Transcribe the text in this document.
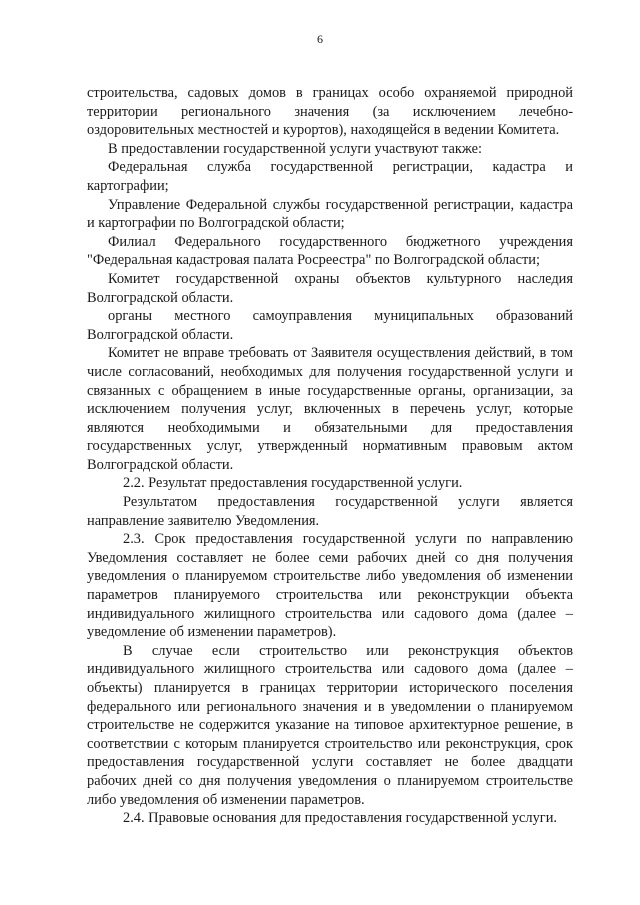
6

строительства, садовых домов в границах особо охраняемой природной территории регионального значения (за исключением лечебно-оздоровительных местностей и курортов), находящейся в ведении Комитета.

В предоставлении государственной услуги участвуют также:

Федеральная служба государственной регистрации, кадастра и картографии;

Управление Федеральной службы государственной регистрации, кадастра и картографии по Волгоградской области;

Филиал Федерального государственного бюджетного учреждения "Федеральная кадастровая палата Росреестра" по Волгоградской области;

Комитет государственной охраны объектов культурного наследия Волгоградской области.

органы местного самоуправления муниципальных образований Волгоградской области.

Комитет не вправе требовать от Заявителя осуществления действий, в том числе согласований, необходимых для получения государственной услуги и связанных с обращением в иные государственные органы, организации, за исключением получения услуг, включенных в перечень услуг, которые являются необходимыми и обязательными для предоставления государственных услуг, утвержденный нормативным правовым актом Волгоградской области.

2.2. Результат предоставления государственной услуги.

Результатом предоставления государственной услуги является направление заявителю Уведомления.

2.3. Срок предоставления государственной услуги по направлению Уведомления составляет не более семи рабочих дней со дня получения уведомления о планируемом строительстве либо уведомления об изменении параметров планируемого строительства или реконструкции объекта индивидуального жилищного строительства или садового дома (далее – уведомление об изменении параметров).

В случае если строительство или реконструкция объектов индивидуального жилищного строительства или садового дома (далее – объекты) планируется в границах территории исторического поселения федерального или регионального значения и в уведомлении о планируемом строительстве не содержится указание на типовое архитектурное решение, в соответствии с которым планируется строительство или реконструкция, срок предоставления государственной услуги составляет не более двадцати рабочих дней со дня получения уведомления о планируемом строительстве либо уведомления об изменении параметров.

2.4. Правовые основания для предоставления государственной услуги.
